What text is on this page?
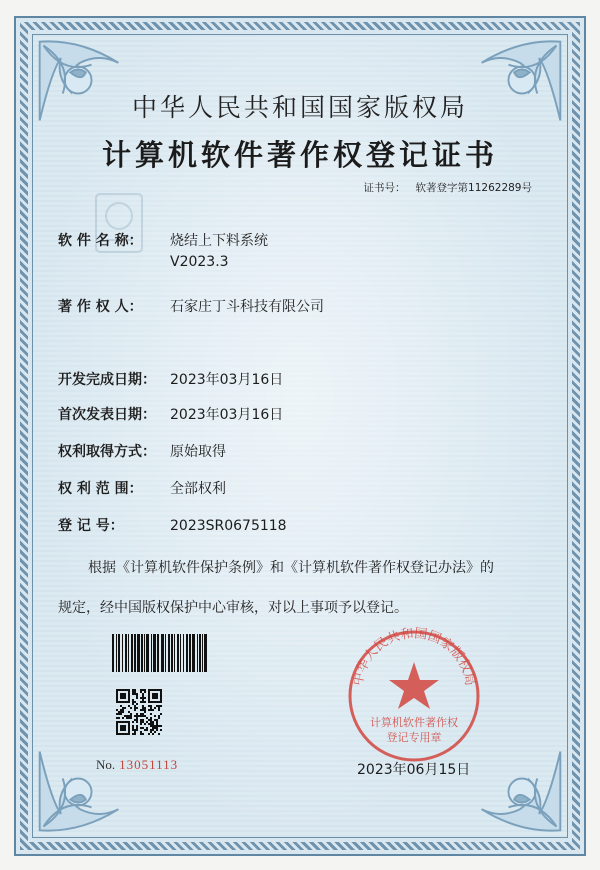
中华人民共和国国家版权局
计算机软件著作权登记证书
证书号： 软著登字第11262289号
软 件 名 称： 烧结上下料系统
V2023.3
著 作 权 人： 石家庄丁斗科技有限公司
开发完成日期： 2023年03月16日
首次发表日期： 2023年03月16日
权利取得方式： 原始取得
权 利 范 围： 全部权利
登 记 号：	2023SR0675118

根据《计算机软件保护条例》和《计算机软件著作权登记办法》的

规定，经中国版权保护中心审核，对以上事项予以登记。

No. 13051113
中华人民共和国国家版权局
计算机软件著作权
登记专用章
2023年06月15日
